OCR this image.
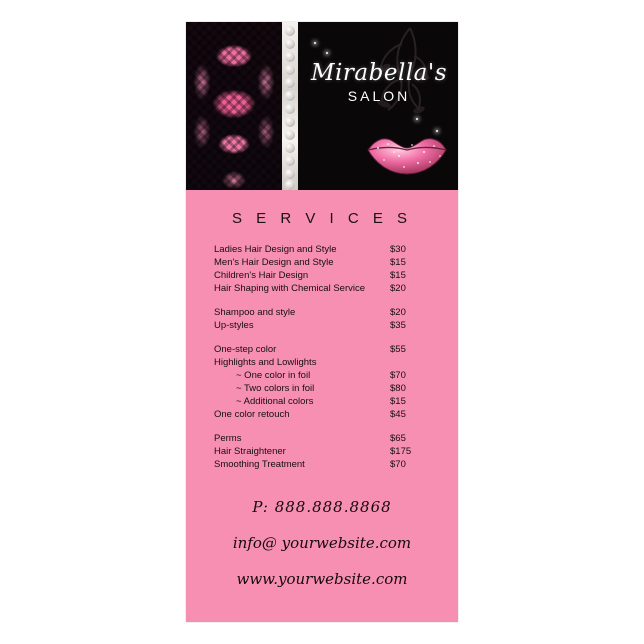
Mirabella's
SALON
S E R V I C E S
Ladies Hair Design and Style	$30
Men's Hair Design and Style	$15
Children's Hair Design	$15
Hair Shaping with Chemical Service	$20
Shampoo and style	$20
Up-styles	$35
One-step color	$55
Highlights and Lowlights
~ One color in foil	$70
~ Two colors in foil	$80
~ Additional colors	$15
One color retouch	$45
Perms	$65
Hair Straightener	$175
Smoothing Treatment	$70
P: 888.888.8868
info@ yourwebsite.com
www.yourwebsite.com
